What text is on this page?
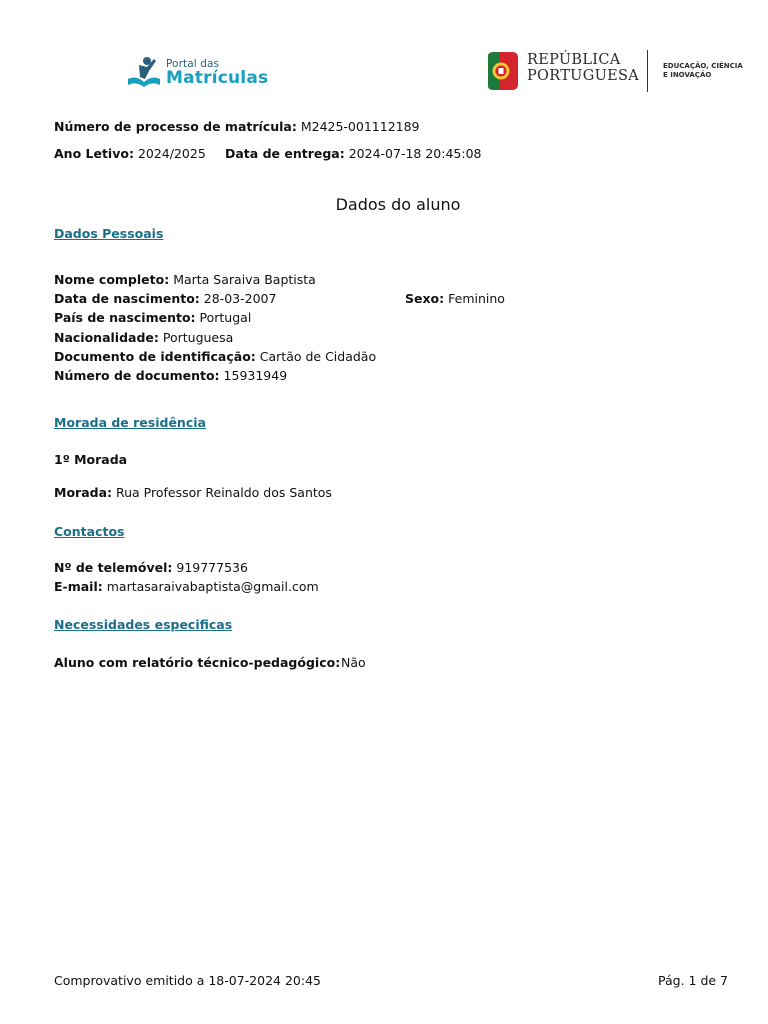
Portal das
Matrículas
REPÚBLICA
PORTUGUESA
EDUCAÇÃO, CIÊNCIA
E INOVAÇÃO
Número de processo de matrícula: M2425-001112189
Ano Letivo: 2024/2025 Data de entrega: 2024-07-18 20:45:08
Dados do aluno
Dados Pessoais
Nome completo: Marta Saraiva Baptista
Data de nascimento: 28-03-2007	Sexo: Feminino
País de nascimento: Portugal
Nacionalidade: Portuguesa
Documento de identificação: Cartão de Cidadão
Número de documento: 15931949
Morada de residência
1º Morada
Morada: Rua Professor Reinaldo dos Santos
Contactos
Nº de telemóvel: 919777536
E-mail: martasaraivabaptista@gmail.com
Necessidades especificas
Aluno com relatório técnico-pedagógico: Não
Comprovativo emitido a 18-07-2024 20:45	Pág. 1 de 7
